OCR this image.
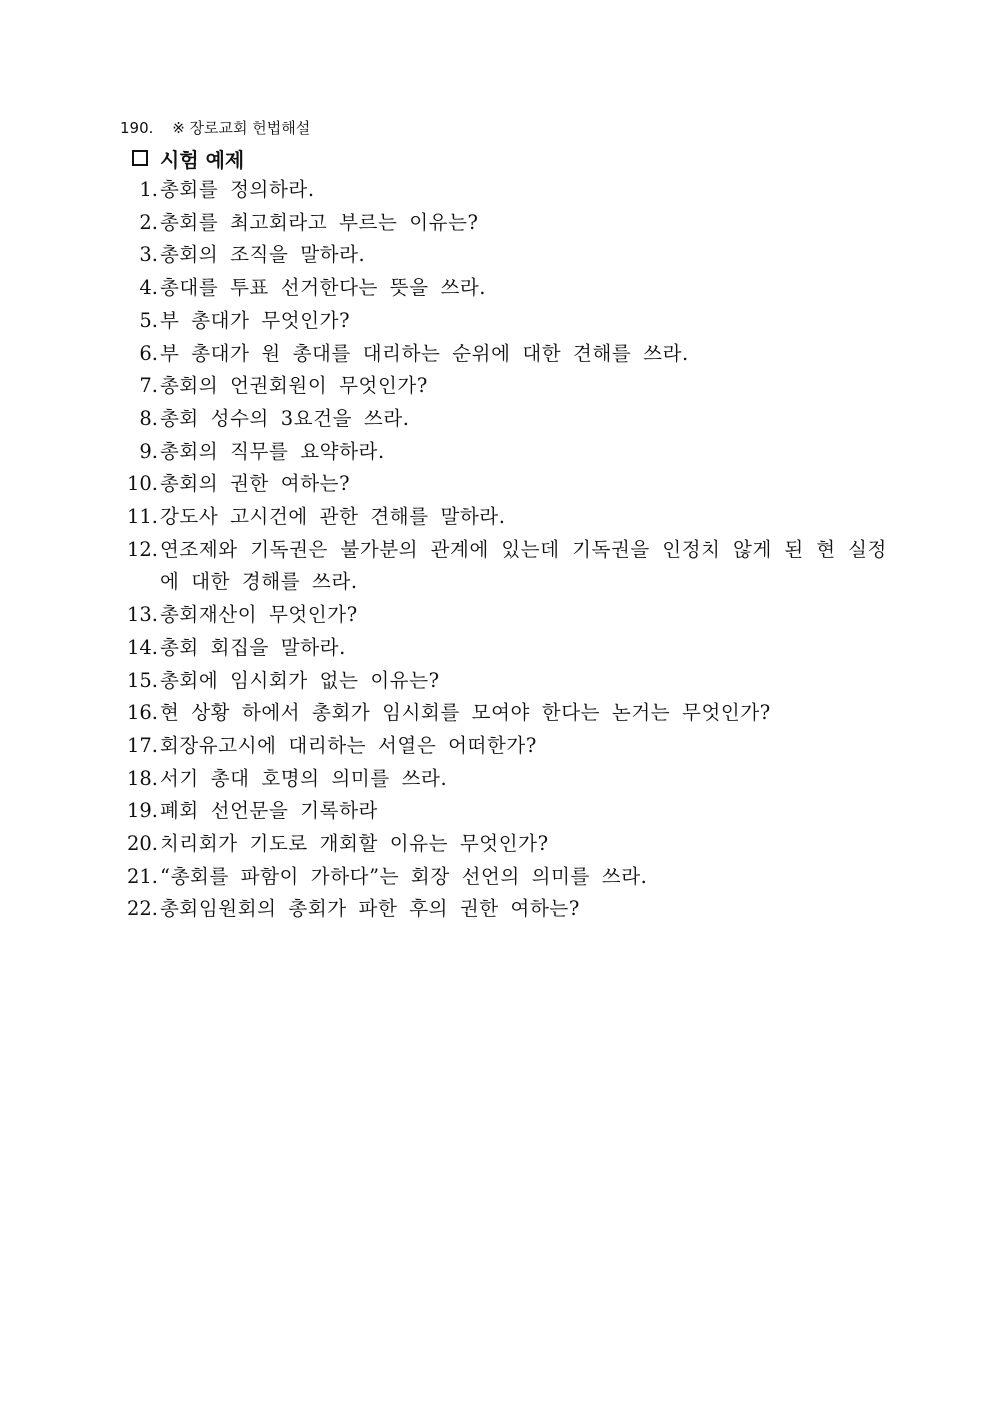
190. ※ 장로교회 헌법해설
시험 예제
1. 총회를 정의하라.
2. 총회를 최고회라고 부르는 이유는?
3. 총회의 조직을 말하라.
4. 총대를 투표 선거한다는 뜻을 쓰라.
5. 부 총대가 무엇인가?
6. 부 총대가 원 총대를 대리하는 순위에 대한 견해를 쓰라.
7. 총회의 언권회원이 무엇인가?
8. 총회 성수의 3요건을 쓰라.
9. 총회의 직무를 요약하라.
10. 총회의 권한 여하는?
11. 강도사 고시건에 관한 견해를 말하라.
12. 연조제와 기독권은 불가분의 관계에 있는데 기독권을 인정치 않게 된 현 실정에 대한 경해를 쓰라.
13. 총회재산이 무엇인가?
14. 총회 회집을 말하라.
15. 총회에 임시회가 없는 이유는?
16. 현 상황 하에서 총회가 임시회를 모여야 한다는 논거는 무엇인가?
17. 회장유고시에 대리하는 서열은 어떠한가?
18. 서기 총대 호명의 의미를 쓰라.
19. 폐회 선언문을 기록하라
20. 치리회가 기도로 개회할 이유는 무엇인가?
21. “총회를 파함이 가하다”는 회장 선언의 의미를 쓰라.
22. 총회임원회의 총회가 파한 후의 권한 여하는?
